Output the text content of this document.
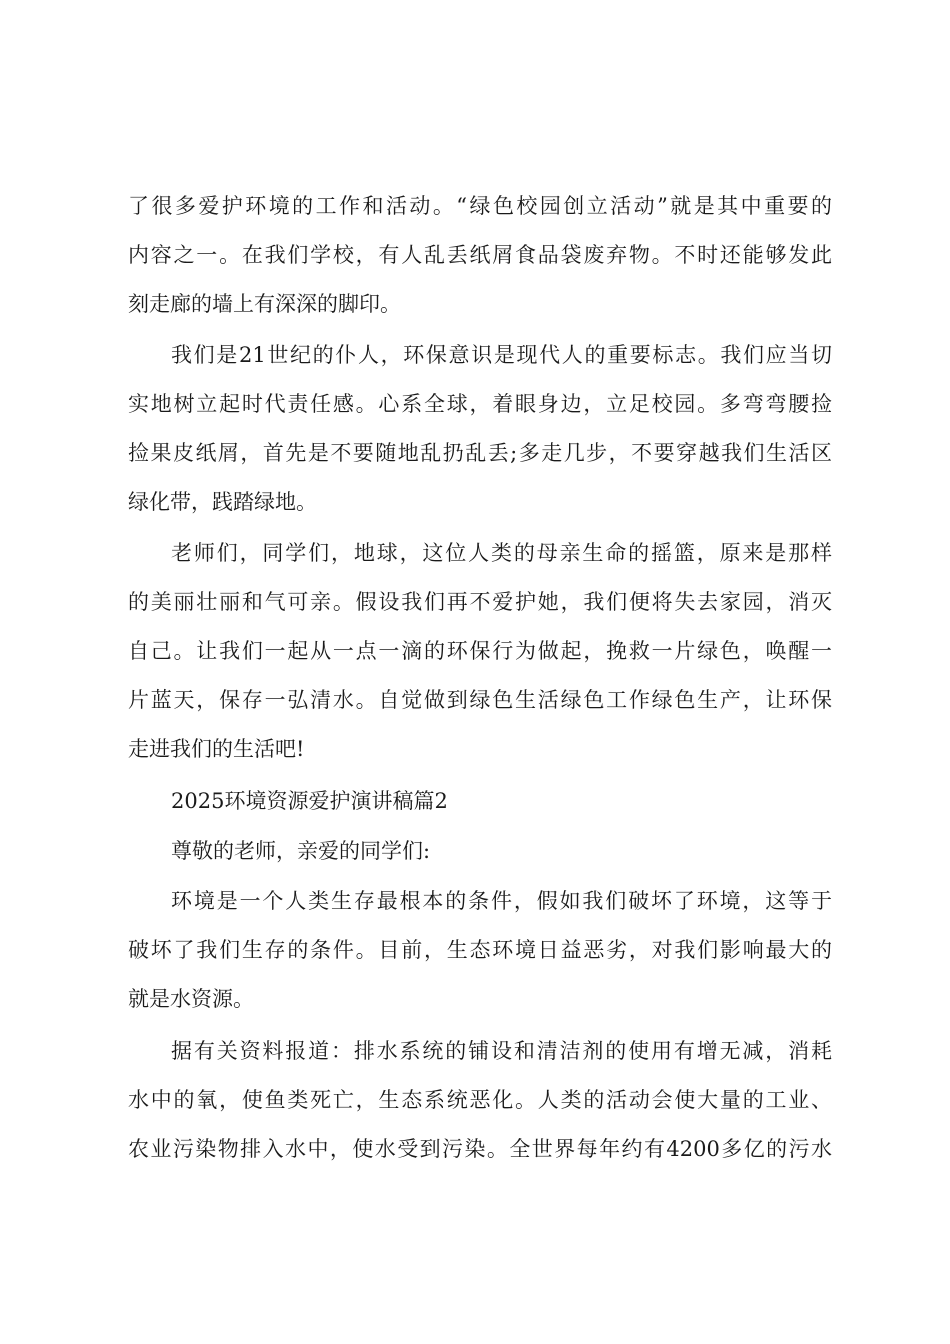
了很多爱护环境的工作和活动。“绿色校园创立活动”就是其中重要的
内容之一。在我们学校，有人乱丢纸屑食品袋废弃物。不时还能够发此
刻走廊的墙上有深深的脚印。
我们是21世纪的仆人，环保意识是现代人的重要标志。我们应当切
实地树立起时代责任感。心系全球，着眼身边，立足校园。多弯弯腰捡
捡果皮纸屑，首先是不要随地乱扔乱丢;多走几步，不要穿越我们生活区
绿化带，践踏绿地。
老师们，同学们，地球，这位人类的母亲生命的摇篮，原来是那样
的美丽壮丽和气可亲。假设我们再不爱护她，我们便将失去家园，消灭
自己。让我们一起从一点一滴的环保行为做起，挽救一片绿色，唤醒一
片蓝天，保存一弘清水。自觉做到绿色生活绿色工作绿色生产，让环保
走进我们的生活吧!
2025环境资源爱护演讲稿篇2
尊敬的老师，亲爱的同学们:
环境是一个人类生存最根本的条件，假如我们破坏了环境，这等于
破坏了我们生存的条件。目前，生态环境日益恶劣，对我们影响最大的
就是水资源。
据有关资料报道：排水系统的铺设和清洁剂的使用有增无减，消耗
水中的氧，使鱼类死亡，生态系统恶化。人类的活动会使大量的工业、
农业污染物排入水中，使水受到污染。全世界每年约有4200多亿的污水
